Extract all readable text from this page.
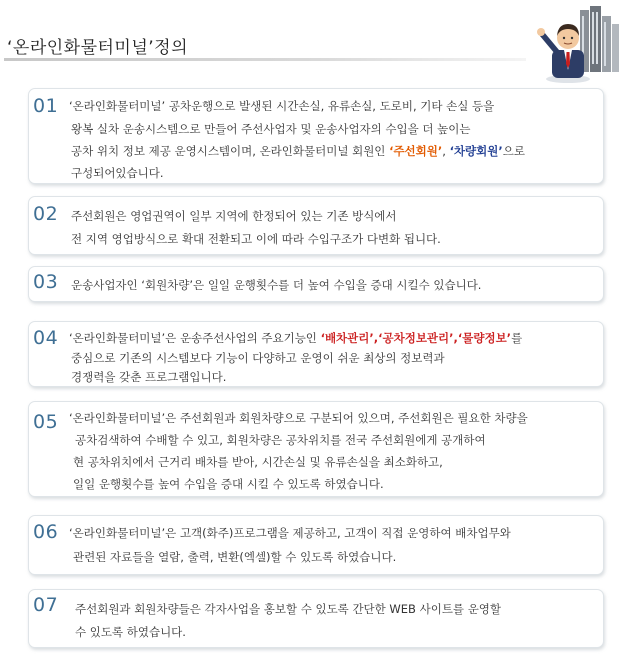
‘온라인화물터미널’정의
01 ‘온라인화물터미널’ 공차운행으로 발생된 시간손실, 유류손실, 도로비, 기타 손실 등을
왕복 실차 운송시스템으로 만들어 주선사업자 및 운송사업자의 수입을 더 높이는
공차 위치 정보 제공 운영시스템이며, 온라인화물터미널 회원인 ‘주선회원’, ‘차량회원’으로
구성되어있습니다.
02 주선회원은 영업권역이 일부 지역에 한정되어 있는 기존 방식에서
전 지역 영업방식으로 확대 전환되고 이에 따라 수입구조가 다변화 됩니다.
03 운송사업자인 ‘회원차량’은 일일 운행횟수를 더 높여 수입을 증대 시킬수 있습니다.
04 ‘온라인화물터미널’은 운송주선사업의 주요기능인 ‘배차관리’,‘공차정보관리’,‘물량정보’를
중심으로 기존의 시스템보다 기능이 다양하고 운영이 쉬운 최상의 정보력과
경쟁력을 갖춘 프로그램입니다.
05 ‘온라인화물터미널’은 주선회원과 회원차량으로 구분되어 있으며, 주선회원은 필요한 차량을
공차검색하여 수배할 수 있고, 회원차량은 공차위치를 전국 주선회원에게 공개하여
현 공차위치에서 근거리 배차를 받아, 시간손실 및 유류손실을 최소화하고,
일일 운행횟수를 높여 수입을 증대 시킬 수 있도록 하였습니다.
06 ‘온라인화물터미널’은 고객(화주)프로그램을 제공하고, 고객이 직접 운영하여 배차업무와
관련된 자료들을 열람, 출력, 변환(엑셀)할 수 있도록 하였습니다.
07 주선회원과 회원차량들은 각자사업을 홍보할 수 있도록 간단한 WEB 사이트를 운영할
수 있도록 하였습니다.
